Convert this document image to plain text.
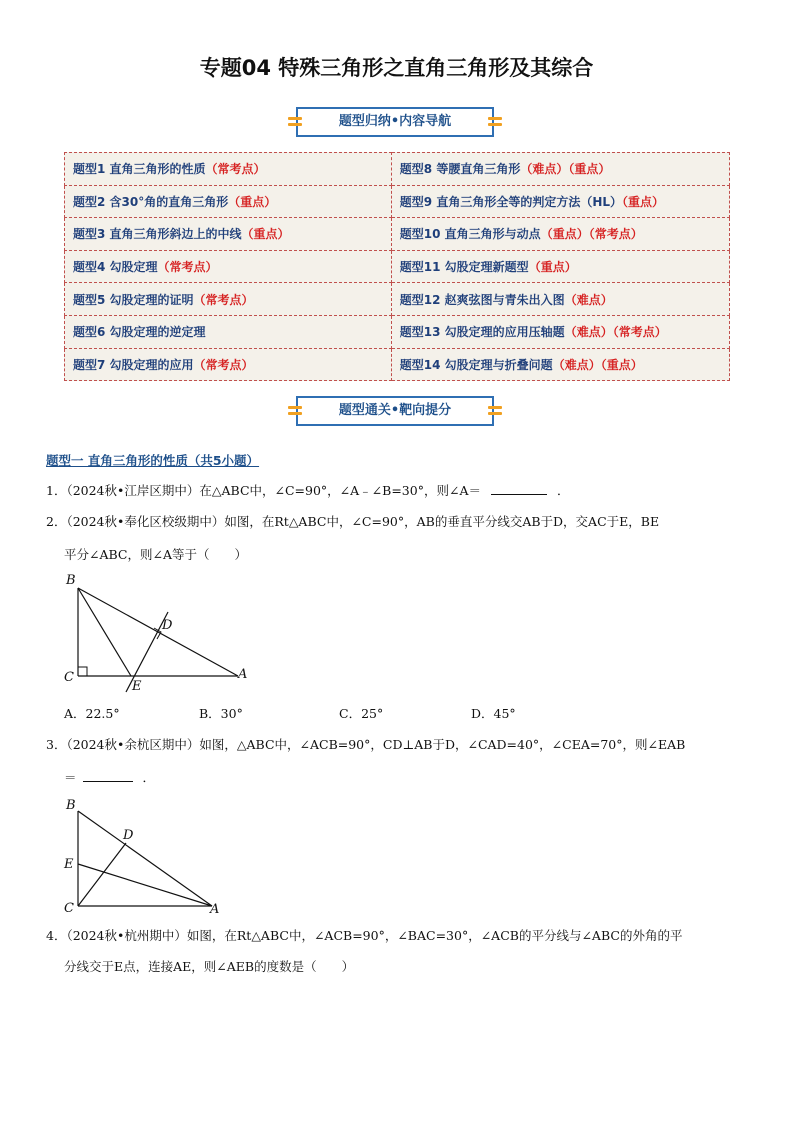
专题04 特殊三角形之直角三角形及其综合
题型归纳•内容导航
题型1 直角三角形的性质（常考点）	题型8 等腰直角三角形（难点）（重点）
题型2 含30°角的直角三角形（重点）	题型9 直角三角形全等的判定方法（HL）（重点）
题型3 直角三角形斜边上的中线（重点）	题型10 直角三角形与动点（重点）（常考点）
题型4 勾股定理（常考点）	题型11 勾股定理新题型（重点）
题型5 勾股定理的证明（常考点）	题型12 赵爽弦图与青朱出入图（难点）
题型6 勾股定理的逆定理	题型13 勾股定理的应用压轴题（难点）（常考点）
题型7 勾股定理的应用（常考点）	题型14 勾股定理与折叠问题（难点）（重点）
题型通关•靶向提分
题型一 直角三角形的性质（共5小题）
1．（2024秋•江岸区期中）在△ABC中，∠C=90°，∠A﹣∠B=30°，则∠A＝	．
2．（2024秋•奉化区校级期中）如图，在Rt△ABC中，∠C=90°，AB的垂直平分线交AB于D，交AC于E，BE
平分∠ABC，则∠A等于（　　）
B
C	A
D
E
A．22.5°	B．30°	C．25°	D．45°
3．（2024秋•余杭区期中）如图，△ABC中，∠ACB=90°，CD⊥AB于D，∠CAD=40°，∠CEA=70°，则∠EAB
＝	．
B
D
E
C	A
4．（2024秋•杭州期中）如图，在Rt△ABC中，∠ACB=90°，∠BAC=30°，∠ACB的平分线与∠ABC的外角的平
分线交于E点，连接AE，则∠AEB的度数是（　　）
